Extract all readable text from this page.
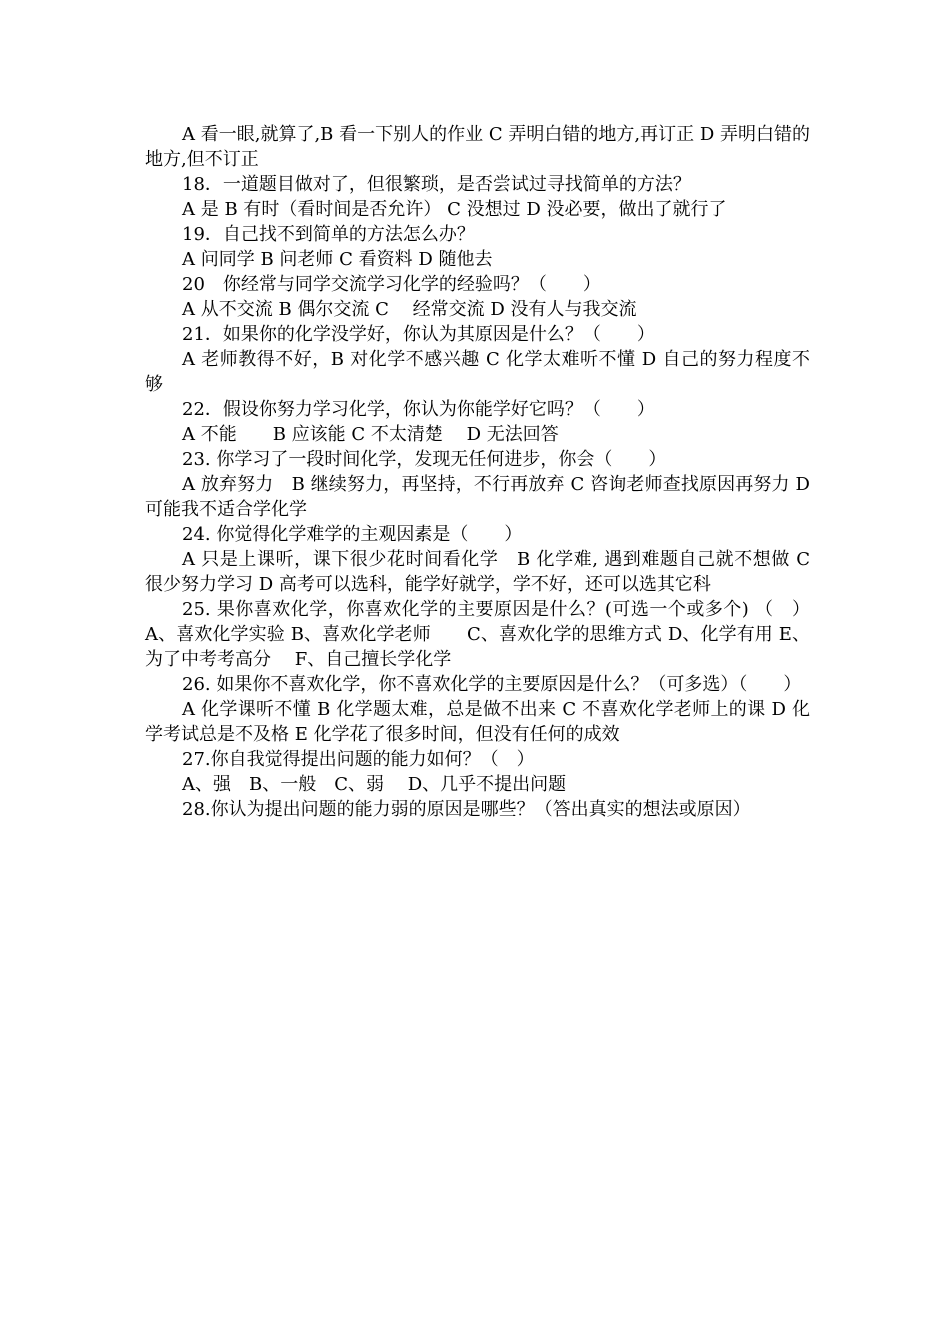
A 看一眼,就算了,B 看一下别人的作业 C 弄明白错的地方,再订正 D 弄明白错的地方,但不订正

18．一道题目做对了，但很繁琐，是否尝试过寻找简单的方法？

A 是 B 有时（看时间是否允许） C 没想过 D 没必要，做出了就行了

19．自己找不到简单的方法怎么办？

A 问同学 B 问老师 C 看资料 D 随他去

20　你经常与同学交流学习化学的经验吗？（　　）

A 从不交流 B 偶尔交流 C　 经常交流 D 没有人与我交流

21．如果你的化学没学好，你认为其原因是什么？（　　）

A 老师教得不好，B 对化学不感兴趣 C 化学太难听不懂 D 自己的努力程度不够

22．假设你努力学习化学，你认为你能学好它吗？（　　）

A 不能　　B 应该能 C 不太清楚　 D 无法回答

23. 你学习了一段时间化学，发现无任何进步，你会（　　）

A 放弃努力　B 继续努力，再坚持，不行再放弃 C 咨询老师查找原因再努力 D 可能我不适合学化学

24. 你觉得化学难学的主观因素是（　　）

A 只是上课听，课下很少花时间看化学　B 化学难, 遇到难题自己就不想做 C 很少努力学习 D 高考可以选科，能学好就学，学不好，还可以选其它科

25. 果你喜欢化学，你喜欢化学的主要原因是什么？(可选一个或多个) （　）A、喜欢化学实验 B、喜欢化学老师　　C、喜欢化学的思维方式 D、化学有用 E、为了中考考高分　 F、自己擅长学化学

26. 如果你不喜欢化学，你不喜欢化学的主要原因是什么？（可多选）（　　）

A 化学课听不懂 B 化学题太难，总是做不出来 C 不喜欢化学老师上的课 D 化学考试总是不及格 E 化学花了很多时间，但没有任何的成效

27.你自我觉得提出问题的能力如何？（　）

A、强　B、一般　C、弱　 D、几乎不提出问题

28.你认为提出问题的能力弱的原因是哪些？（答出真实的想法或原因）
